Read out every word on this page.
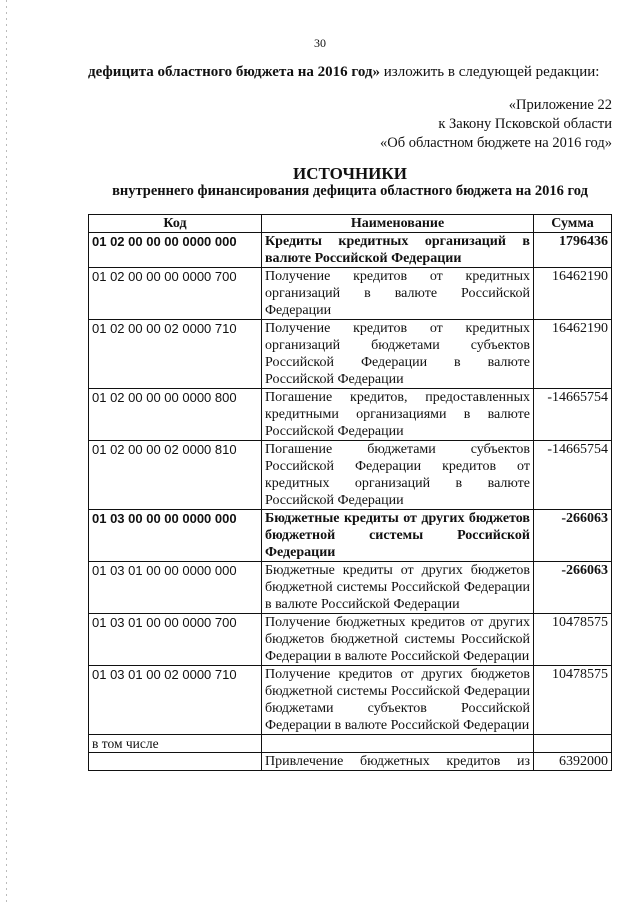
30
дефицита областного бюджета на 2016 год» изложить в следующей редакции:
«Приложение 22
к Закону Псковской области
«Об областном бюджете на 2016 год»
ИСТОЧНИКИ
внутреннего финансирования дефицита областного бюджета на 2016 год
Код	Наименование	Сумма
01 02 00 00 00 0000 000	Кредиты кредитных организаций в валюте Российской Федерации	1796436
01 02 00 00 00 0000 700	Получение кредитов от кредитных организаций в валюте Российской Федерации	16462190
01 02 00 00 02 0000 710	Получение кредитов от кредитных организаций бюджетами субъектов Российской Федерации в валюте Российской Федерации	16462190
01 02 00 00 00 0000 800	Погашение кредитов, предоставленных кредитными организациями в валюте Российской Федерации	-14665754
01 02 00 00 02 0000 810	Погашение бюджетами субъектов Российской Федерации кредитов от кредитных организаций в валюте Российской Федерации	-14665754
01 03 00 00 00 0000 000	Бюджетные кредиты от других бюджетов бюджетной системы Российской Федерации	-266063
01 03 01 00 00 0000 000	Бюджетные кредиты от других бюджетов бюджетной системы Российской Федерации в валюте Российской Федерации	-266063
01 03 01 00 00 0000 700	Получение бюджетных кредитов от других бюджетов бюджетной системы Российской Федерации в валюте Российской Федерации	10478575
01 03 01 00 02 0000 710	Получение кредитов от других бюджетов бюджетной системы Российской Федерации бюджетами субъектов Российской Федерации в валюте Российской Федерации	10478575
в том числе		

	Привлечение бюджетных кредитов из	6392000
